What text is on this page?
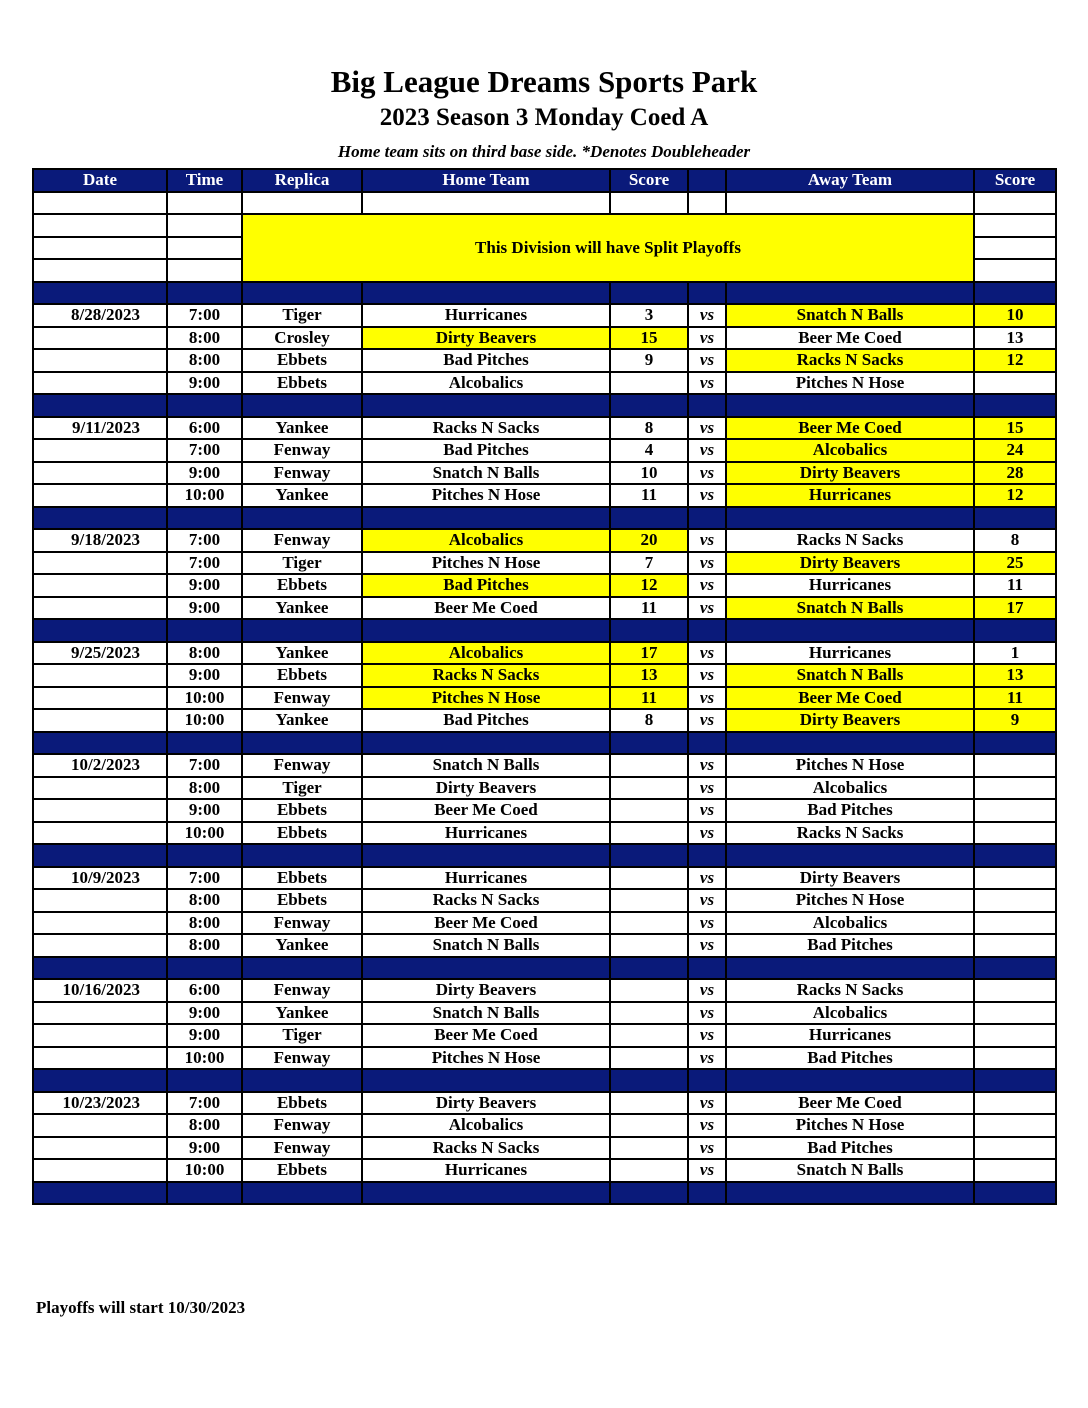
Big League Dreams Sports Park
2023 Season 3 Monday Coed A
Home team sits on third base side. *Denotes Doubleheader
Date	Time	Replica	Home Team	Score		Away Team	Score

		This Division will have Split Playoffs					

8/28/2023	7:00	Tiger	Hurricanes	3	vs	Snatch N Balls	10
	8:00	Crosley	Dirty Beavers	15	vs	Beer Me Coed	13
	8:00	Ebbets	Bad Pitches	9	vs	Racks N Sacks	12
	9:00	Ebbets	Alcobalics		vs	Pitches N Hose	

9/11/2023	6:00	Yankee	Racks N Sacks	8	vs	Beer Me Coed	15
	7:00	Fenway	Bad Pitches	4	vs	Alcobalics	24
	9:00	Fenway	Snatch N Balls	10	vs	Dirty Beavers	28
	10:00	Yankee	Pitches N Hose	11	vs	Hurricanes	12

9/18/2023	7:00	Fenway	Alcobalics	20	vs	Racks N Sacks	8
	7:00	Tiger	Pitches N Hose	7	vs	Dirty Beavers	25
	9:00	Ebbets	Bad Pitches	12	vs	Hurricanes	11
	9:00	Yankee	Beer Me Coed	11	vs	Snatch N Balls	17

9/25/2023	8:00	Yankee	Alcobalics	17	vs	Hurricanes	1
	9:00	Ebbets	Racks N Sacks	13	vs	Snatch N Balls	13
	10:00	Fenway	Pitches N Hose	11	vs	Beer Me Coed	11
	10:00	Yankee	Bad Pitches	8	vs	Dirty Beavers	9

10/2/2023	7:00	Fenway	Snatch N Balls		vs	Pitches N Hose	
	8:00	Tiger	Dirty Beavers		vs	Alcobalics	
	9:00	Ebbets	Beer Me Coed		vs	Bad Pitches	
	10:00	Ebbets	Hurricanes		vs	Racks N Sacks	

10/9/2023	7:00	Ebbets	Hurricanes		vs	Dirty Beavers	
	8:00	Ebbets	Racks N Sacks		vs	Pitches N Hose	
	8:00	Fenway	Beer Me Coed		vs	Alcobalics	
	8:00	Yankee	Snatch N Balls		vs	Bad Pitches	

10/16/2023	6:00	Fenway	Dirty Beavers		vs	Racks N Sacks	
	9:00	Yankee	Snatch N Balls		vs	Alcobalics	
	9:00	Tiger	Beer Me Coed		vs	Hurricanes	
	10:00	Fenway	Pitches N Hose		vs	Bad Pitches	

10/23/2023	7:00	Ebbets	Dirty Beavers		vs	Beer Me Coed	
	8:00	Fenway	Alcobalics		vs	Pitches N Hose	
	9:00	Fenway	Racks N Sacks		vs	Bad Pitches	
	10:00	Ebbets	Hurricanes		vs	Snatch N Balls	

Playoffs will start 10/30/2023
